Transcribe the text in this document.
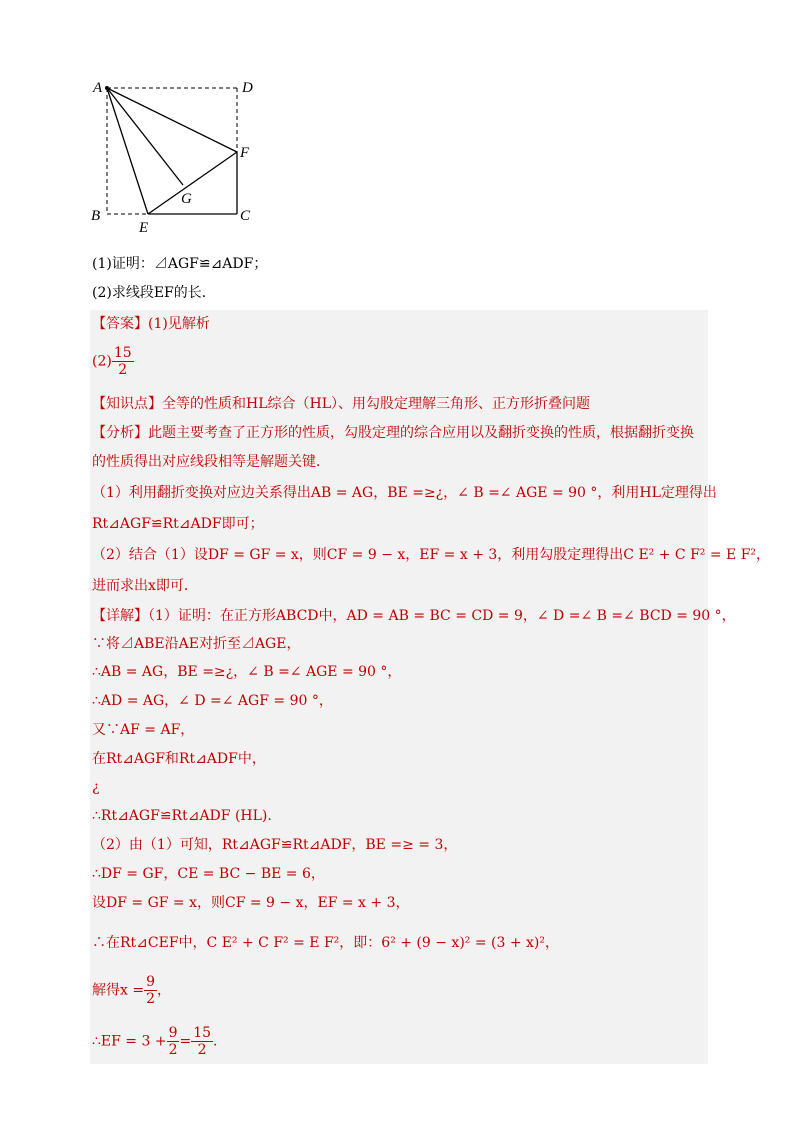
A	D
F
G
B
E
C
(1)证明：⊿AGF≌⊿ADF；
(2)求线段EF的长．
【答案】(1)见解析
$(2) \frac{15}{2}$
【知识点】全等的性质和HL综合（HL）、用勾股定理解三角形、正方形折叠问题
【分析】此题主要考查了正方形的性质，勾股定理的综合应用以及翻折变换的性质，根据翻折变换
的性质得出对应线段相等是解题关键．
（1）利用翻折变换对应边关系得出AB = AG，BE =≥¿，∠ B =∠ AGE = 90 °，利用HL定理得出
Rt⊿AGF≌Rt⊿ADF即可；
（2）结合（1）设DF = GF = x，则CF = 9 − x，EF = x + 3，利用勾股定理得出C E² + C F² = E F²，
进而求出x即可．
【详解】（1）证明：在正方形ABCD中，AD = AB = BC = CD = 9，∠ D =∠ B =∠ BCD = 90 °，
∵将⊿ABE沿AE对折至⊿AGE，
∴AB = AG，BE =≥¿，∠ B =∠ AGE = 90 °，
∴AD = AG，∠ D =∠ AGF = 90 °，
又∵AF = AF，
在Rt⊿AGF和Rt⊿ADF中，
¿
∴Rt⊿AGF≌Rt⊿ADF (HL).
（2）由（1）可知，Rt⊿AGF≌Rt⊿ADF，BE =≥ = 3，
∴DF = GF，CE = BC − BE = 6，
设DF = GF = x，则CF = 9 − x，EF = x + 3，
∴在Rt⊿CEF中，C E² + C F² = E F²，即：6² + (9 − x)² = (3 + x)²，
解得$x = \frac{9}{2}$ ，
∴EF = $3 + \frac{9}{2} = \frac{15}{2}$ .
